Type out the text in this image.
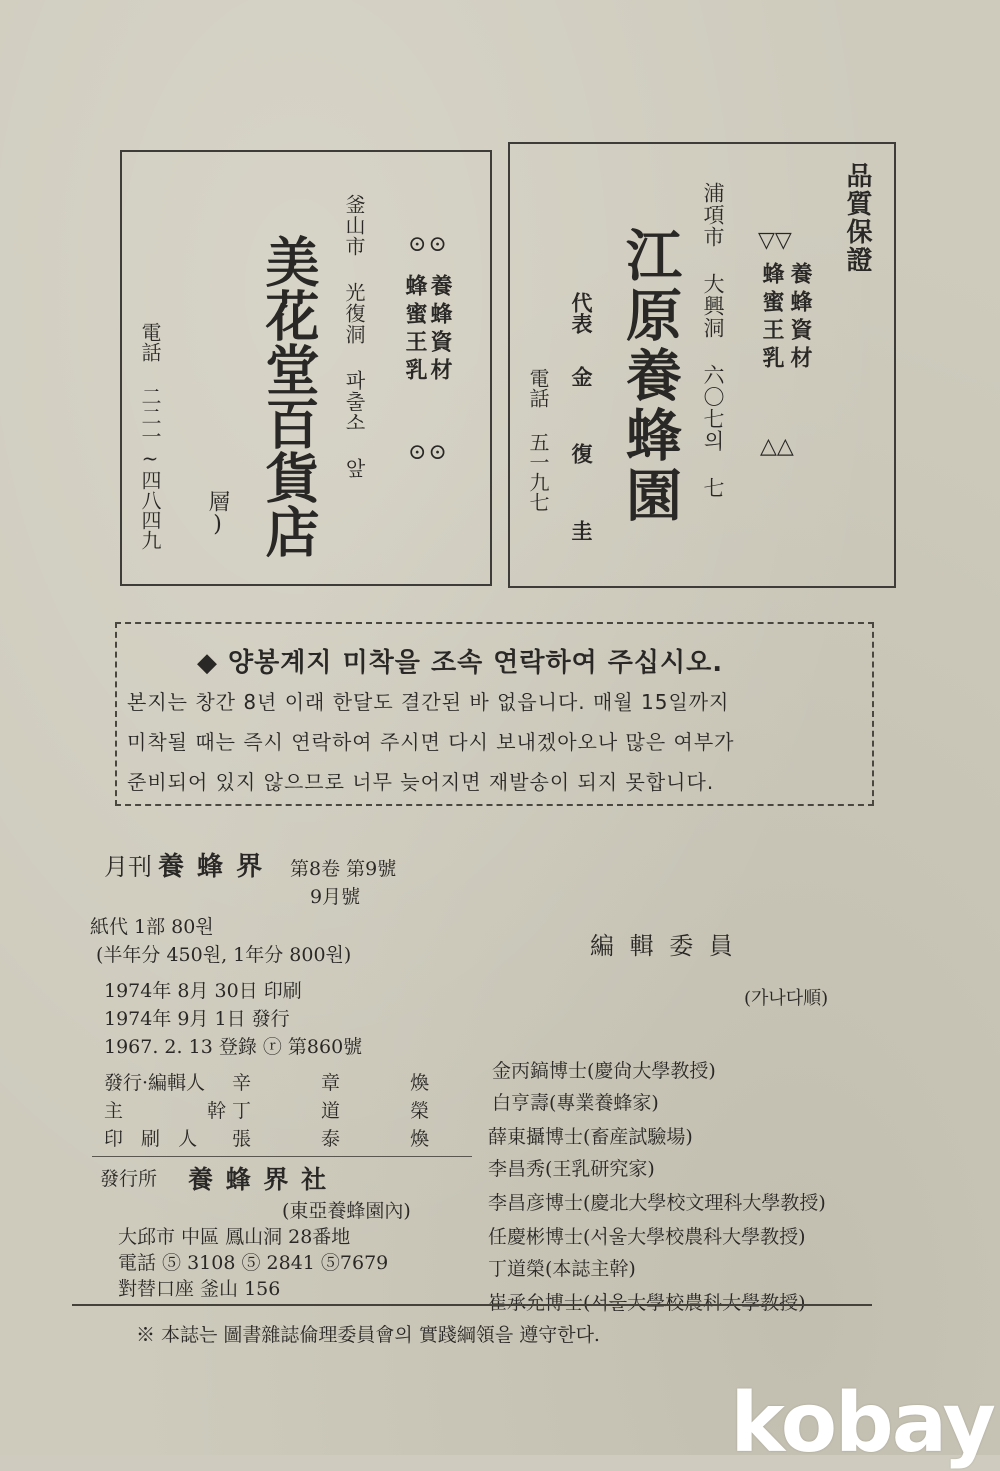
⊙⊙
養蜂資材
蜂蜜王乳
⊙⊙
釜山市 光復洞 파출소 앞
美花堂百貨店
層)
電話 二二一~四八四九
品質保證
▽▽
養蜂資材
蜂蜜王乳
△△
浦項市 大興洞 六〇七의 七
江原養蜂園
代表
金 復 圭
電話 五一九七
◆ 양봉계지 미착을 조속 연락하여 주십시오.
본지는 창간 8년 이래 한달도 결간된 바 없읍니다. 매월 15일까지
미착될 때는 즉시 연락하여 주시면 다시 보내겠아오나 많은 여부가
준비되어 있지 않으므로 너무 늦어지면 재발송이 되지 못합니다.
月刊 養 蜂 界 第8卷 第9號
9月號
紙代 1部 80원
(半年分 450원, 1年分 800원)
1974年 8月 30日 印刷
1974年 9月 1日 發行
1967. 2. 13 登錄 ⓡ 第860號
發行·編輯人 辛 章 煥
主 幹 丁 道 榮
印 刷 人 張 泰 煥
發行所 養 蜂 界 社
(東亞養蜂園內)
大邱市 中區 鳳山洞 28番地
電話 ⑤ 3108 ⑤ 2841 ⑤7679
對替口座 釜山 156
編 輯 委 員
(가나다順)
金丙鎬博士(慶尙大學教授)
白亨壽(專業養蜂家)
薛東攝博士(畜産試驗場)
李昌秀(王乳研究家)
李昌彦博士(慶北大學校文理科大學教授)
任慶彬博士(서울大學校農科大學教授)
丁道榮(本誌主幹)
崔承允博士(서울大學校農科大學教授)
※ 本誌는 圖書雜誌倫理委員會의 實踐綱領을 遵守한다.
kobay
